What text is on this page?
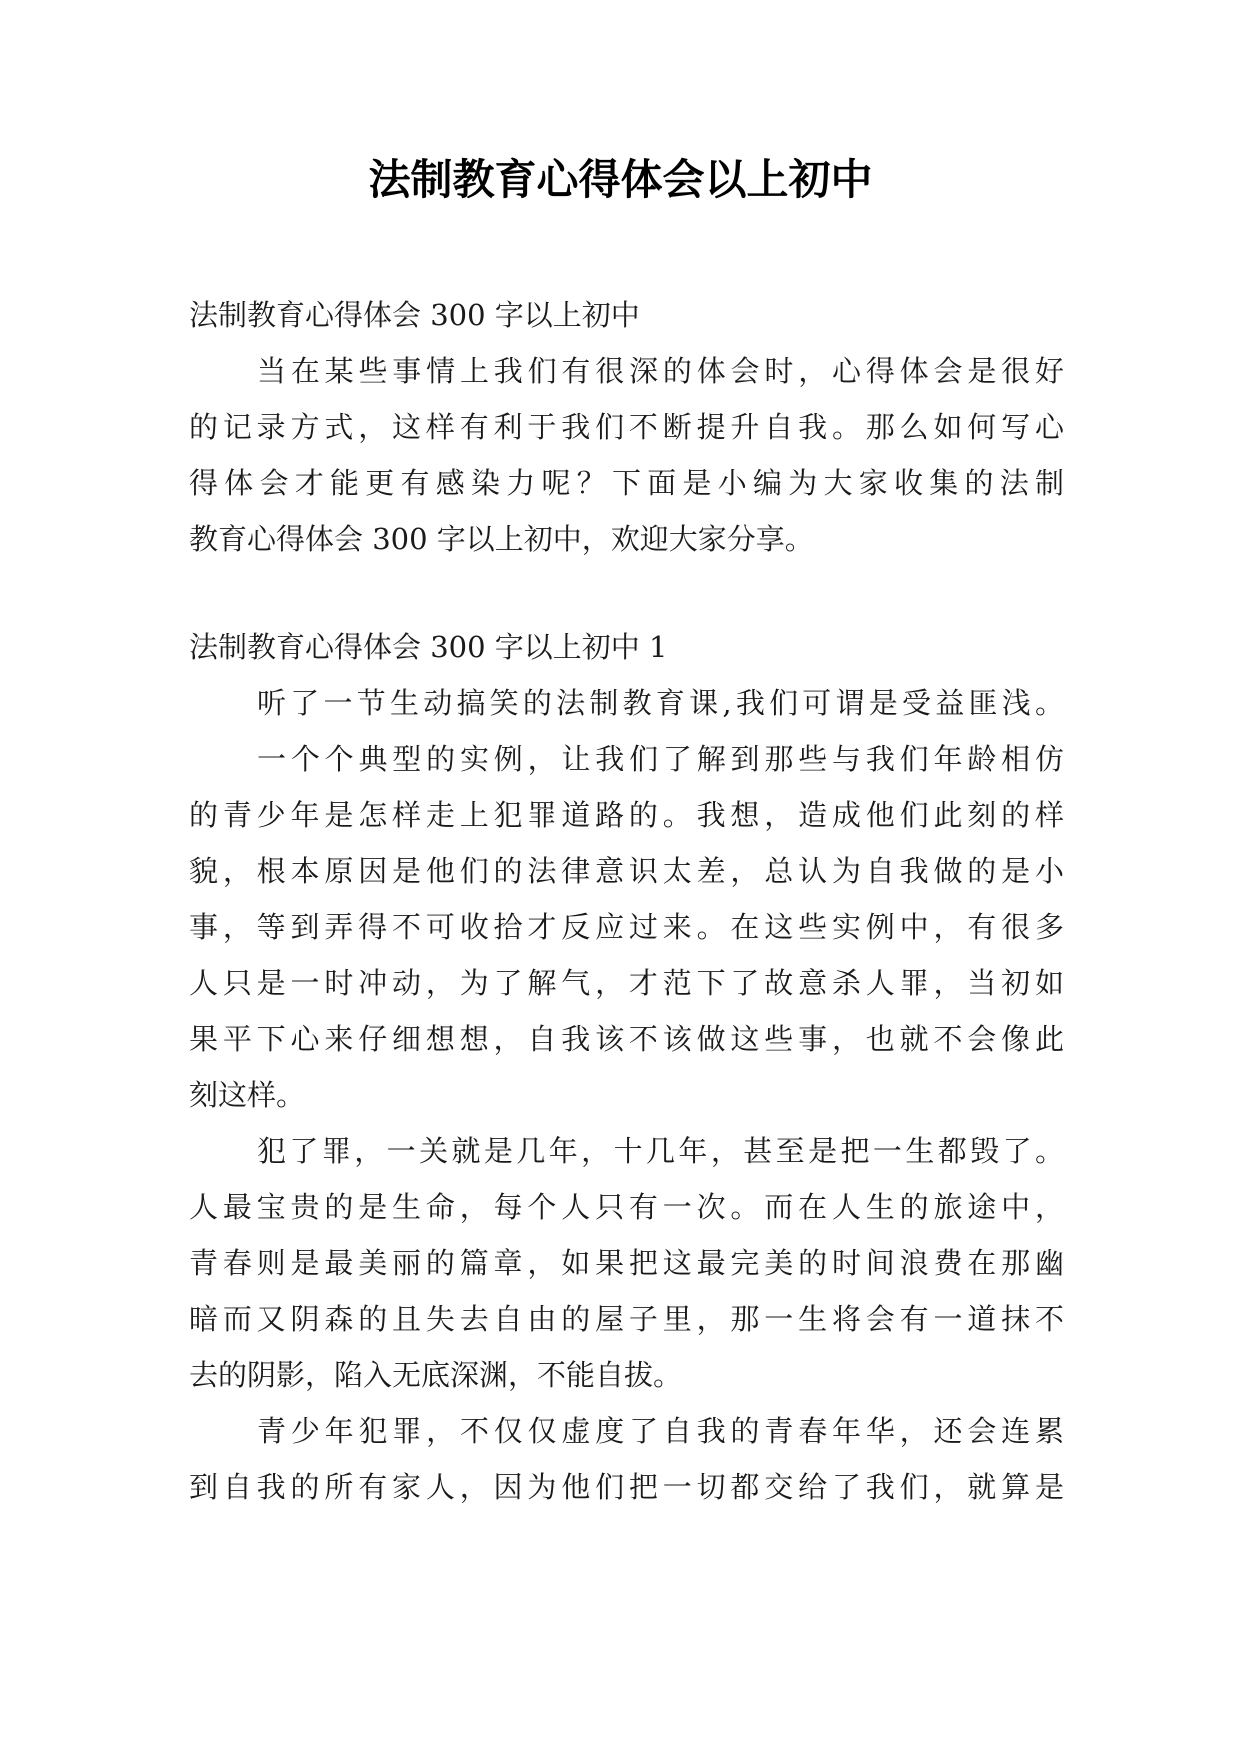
法制教育心得体会以上初中

法制教育心得体会 300 字以上初中

当在某些事情上我们有很深的体会时，心得体会是很好

的记录方式，这样有利于我们不断提升自我。那么如何写心

得体会才能更有感染力呢？下面是小编为大家收集的法制

教育心得体会 300 字以上初中，欢迎大家分享。

法制教育心得体会 300 字以上初中 1

听了一节生动搞笑的法制教育课,我们可谓是受益匪浅。

一个个典型的实例，让我们了解到那些与我们年龄相仿

的青少年是怎样走上犯罪道路的。我想，造成他们此刻的样

貌，根本原因是他们的法律意识太差，总认为自我做的是小

事，等到弄得不可收拾才反应过来。在这些实例中，有很多

人只是一时冲动，为了解气，才范下了故意杀人罪，当初如

果平下心来仔细想想，自我该不该做这些事，也就不会像此

刻这样。

犯了罪，一关就是几年，十几年，甚至是把一生都毁了。

人最宝贵的是生命，每个人只有一次。而在人生的旅途中，

青春则是最美丽的篇章，如果把这最完美的时间浪费在那幽

暗而又阴森的且失去自由的屋子里，那一生将会有一道抹不

去的阴影，陷入无底深渊，不能自拔。

青少年犯罪，不仅仅虚度了自我的青春年华，还会连累

到自我的所有家人，因为他们把一切都交给了我们，就算是
